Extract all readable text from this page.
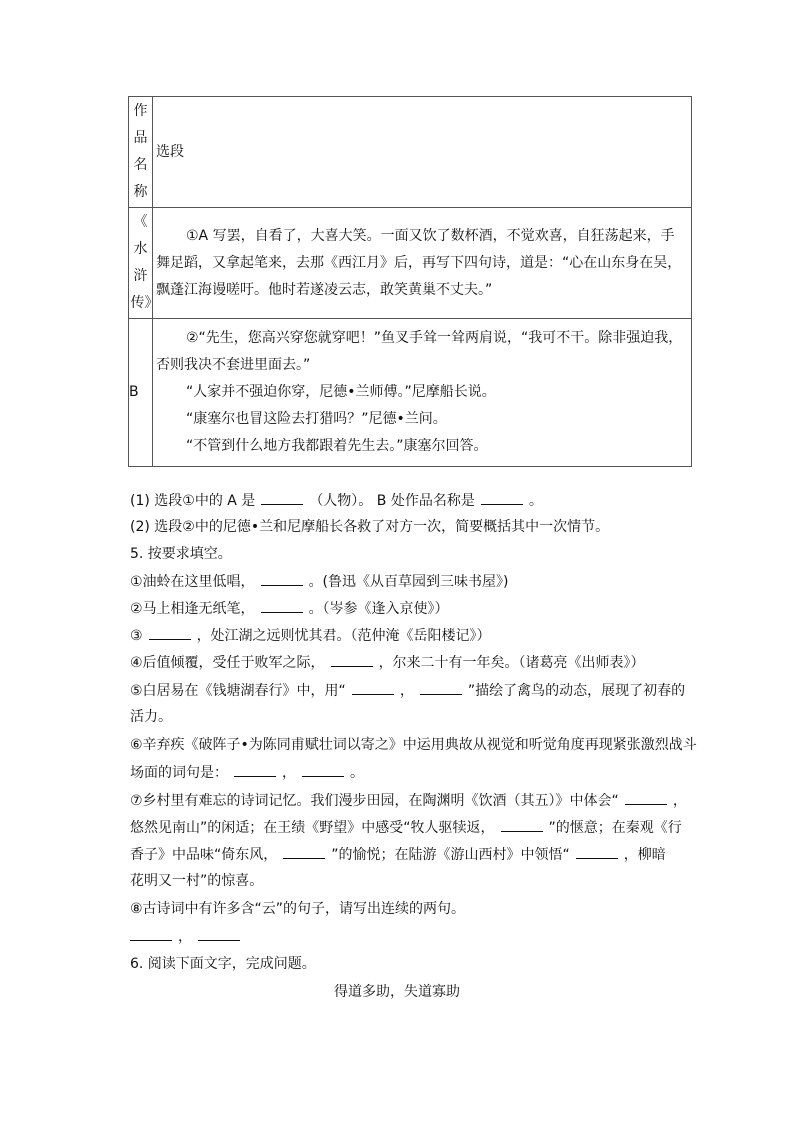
作
品
名
称	选段

《
水
浒
传》	①A 写罢，自看了，大喜大笑。一面又饮了数杯酒，不觉欢喜，自狂荡起来，手舞足蹈，又拿起笔来，去那《西江月》后，再写下四句诗，道是：“心在山东身在吴，飘蓬江海谩嗟吁。他时若遂凌云志，敢笑黄巢不丈夫。”

B	②“先生，您高兴穿您就穿吧！”鱼叉手耸一耸两肩说，“我可不干。除非强迫我，否则我决不套进里面去。”

“人家并不强迫你穿，尼德•兰师傅。”尼摩船长说。

“康塞尔也冒这险去打猎吗？”尼德•兰问。

“不管到什么地方我都跟着先生去。”康塞尔回答。

(1) 选段①中的 A 是	（人物）。 B 处作品名称是	。
(2) 选段②中的尼德•兰和尼摩船长各救了对方一次，简要概括其中一次情节。
5. 按要求填空。
①油蛉在这里低唱，	。(鲁迅《从百草园到三味书屋》)
②马上相逢无纸笔，	。（岑参《逢入京使》）
③	，处江湖之远则忧其君。（范仲淹《岳阳楼记》）
④后值倾覆，受任于败军之际，	，尔来二十有一年矣。（诸葛亮《出师表》）
⑤白居易在《钱塘湖春行》中，用“	，	”描绘了禽鸟的动态，展现了初春的
活力。
⑥辛弃疾《破阵子•为陈同甫赋壮词以寄之》中运用典故从视觉和听觉角度再现紧张激烈战斗
场面的词句是：	，	。
⑦乡村里有难忘的诗词记忆。我们漫步田园，在陶渊明《饮酒（其五）》中体会“	，
悠然见南山”的闲适；在王绩《野望》中感受“牧人驱犊返，	”的惬意；在秦观《行
香子》中品味“倚东风，	”的愉悦；在陆游《游山西村》中领悟“	，柳暗
花明又一村”的惊喜。
⑧古诗词中有许多含“云”的句子，请写出连续的两句。
，
6. 阅读下面文字，完成问题。
得道多助，失道寡助
